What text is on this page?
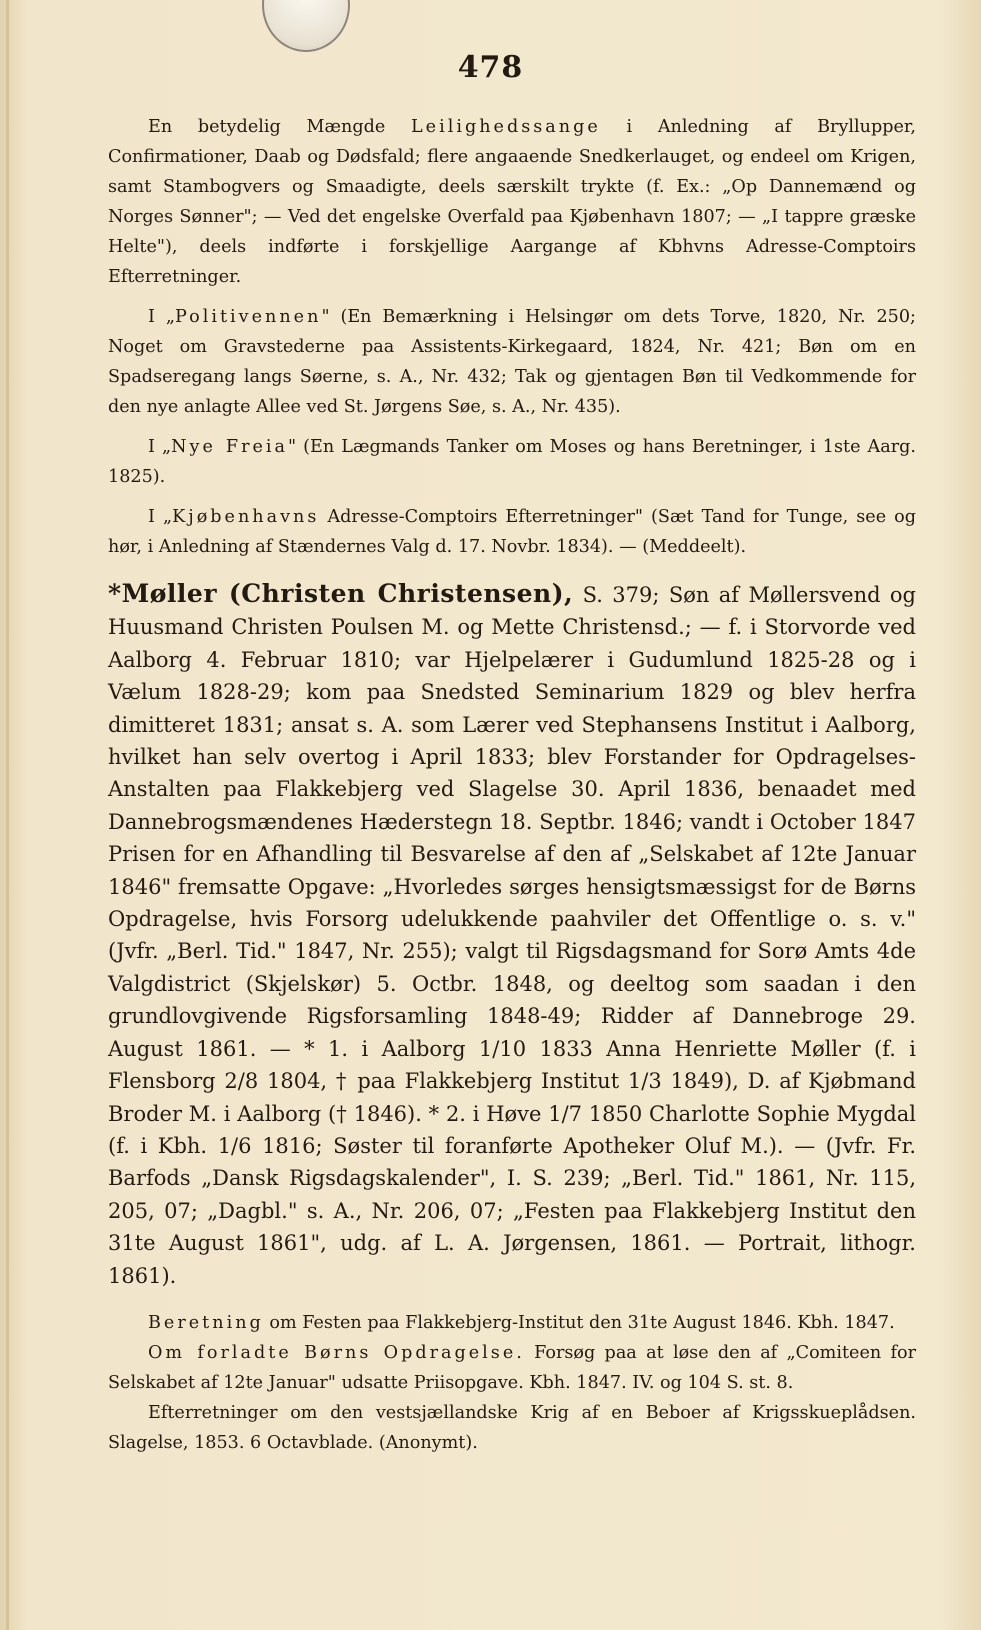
478

En betydelig Mængde Leilighedssange i Anledning af Bryllupper, Confirmationer, Daab og Dødsfald; flere angaaende Snedkerlauget, og endeel om Krigen, samt Stambogvers og Smaadigte, deels særskilt trykte (f. Ex.: „Op Dannemænd og Norges Sønner"; — Ved det engelske Overfald paa Kjøbenhavn 1807; — „I tappre græske Helte"), deels indførte i forskjellige Aargange af Kbhvns Adresse-Comptoirs Efterretninger.

I „Politivennen" (En Bemærkning i Helsingør om dets Torve, 1820, Nr. 250; Noget om Gravstederne paa Assistents-Kirkegaard, 1824, Nr. 421; Bøn om en Spadseregang langs Søerne, s. A., Nr. 432; Tak og gjentagen Bøn til Vedkommende for den nye anlagte Allee ved St. Jørgens Søe, s. A., Nr. 435).

I „Nye Freia" (En Lægmands Tanker om Moses og hans Beretninger, i 1ste Aarg. 1825).

I „Kjøbenhavns Adresse-Comptoirs Efterretninger" (Sæt Tand for Tunge, see og hør, i Anledning af Stændernes Valg d. 17. Novbr. 1834). — (Meddeelt).

*Møller (Christen Christensen), S. 379; Søn af Møllersvend og Huusmand Christen Poulsen M. og Mette Christensd.; — f. i Storvorde ved Aalborg 4. Februar 1810; var Hjelpelærer i Gudumlund 1825-28 og i Vælum 1828-29; kom paa Snedsted Seminarium 1829 og blev herfra dimitteret 1831; ansat s. A. som Lærer ved Stephansens Institut i Aalborg, hvilket han selv overtog i April 1833; blev Forstander for Opdragelses-Anstalten paa Flakkebjerg ved Slagelse 30. April 1836, benaadet med Dannebrogsmændenes Hæderstegn 18. Septbr. 1846; vandt i October 1847 Prisen for en Afhandling til Besvarelse af den af „Selskabet af 12te Januar 1846" fremsatte Opgave: „Hvorledes sørges hensigtsmæssigst for de Børns Opdragelse, hvis Forsorg udelukkende paahviler det Offentlige o. s. v." (Jvfr. „Berl. Tid." 1847, Nr. 255); valgt til Rigsdagsmand for Sorø Amts 4de Valgdistrict (Skjelskør) 5. Octbr. 1848, og deeltog som saadan i den grundlovgivende Rigsforsamling 1848-49; Ridder af Dannebroge 29. August 1861. — * 1. i Aalborg 1/10 1833 Anna Henriette Møller (f. i Flensborg 2/8 1804, † paa Flakkebjerg Institut 1/3 1849), D. af Kjøbmand Broder M. i Aalborg († 1846). * 2. i Høve 1/7 1850 Charlotte Sophie Mygdal (f. i Kbh. 1/6 1816; Søster til foranførte Apotheker Oluf M.). — (Jvfr. Fr. Barfods „Dansk Rigsdagskalender", I. S. 239; „Berl. Tid." 1861, Nr. 115, 205, 07; „Dagbl." s. A., Nr. 206, 07; „Festen paa Flakkebjerg Institut den 31te August 1861", udg. af L. A. Jørgensen, 1861. — Portrait, lithogr. 1861).

Beretning om Festen paa Flakkebjerg-Institut den 31te August 1846. Kbh. 1847.

Om forladte Børns Opdragelse. Forsøg paa at løse den af „Comiteen for Selskabet af 12te Januar" udsatte Priisopgave. Kbh. 1847. IV. og 104 S. st. 8.

Efterretninger om den vestsjællandske Krig af en Beboer af Krigsskueplådsen. Slagelse, 1853. 6 Octavblade. (Anonymt).
